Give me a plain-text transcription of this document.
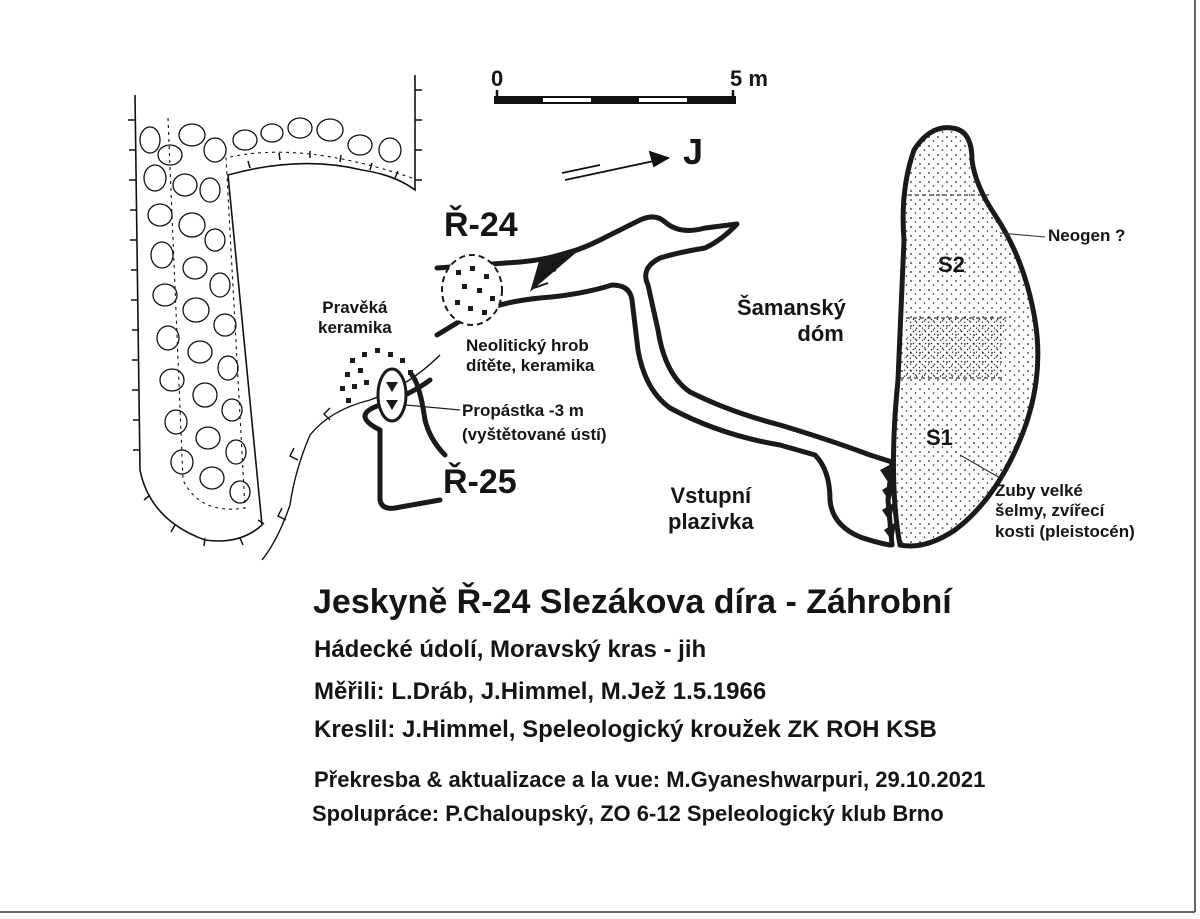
0	5 m
J
Ř-24
Ř-25
Pravěká
keramika
Neolitický hrob
dítěte, keramika
Propástka -3 m
(vyštětované ústí)
Vstupní
plazivka
Šamanský
dóm
Neogen ?
S2
S1
Zuby velké
šelmy, zvířecí
kosti (pleistocén)
Jeskyně Ř-24 Slezákova díra - Záhrobní
Hádecké údolí, Moravský kras - jih
Měřili: L.Dráb, J.Himmel, M.Jež 1.5.1966
Kreslil: J.Himmel, Speleologický kroužek ZK ROH KSB
Překresba & aktualizace a la vue: M.Gyaneshwarpuri, 29.10.2021
Spolupráce: P.Chaloupský, ZO 6-12 Speleologický klub Brno
